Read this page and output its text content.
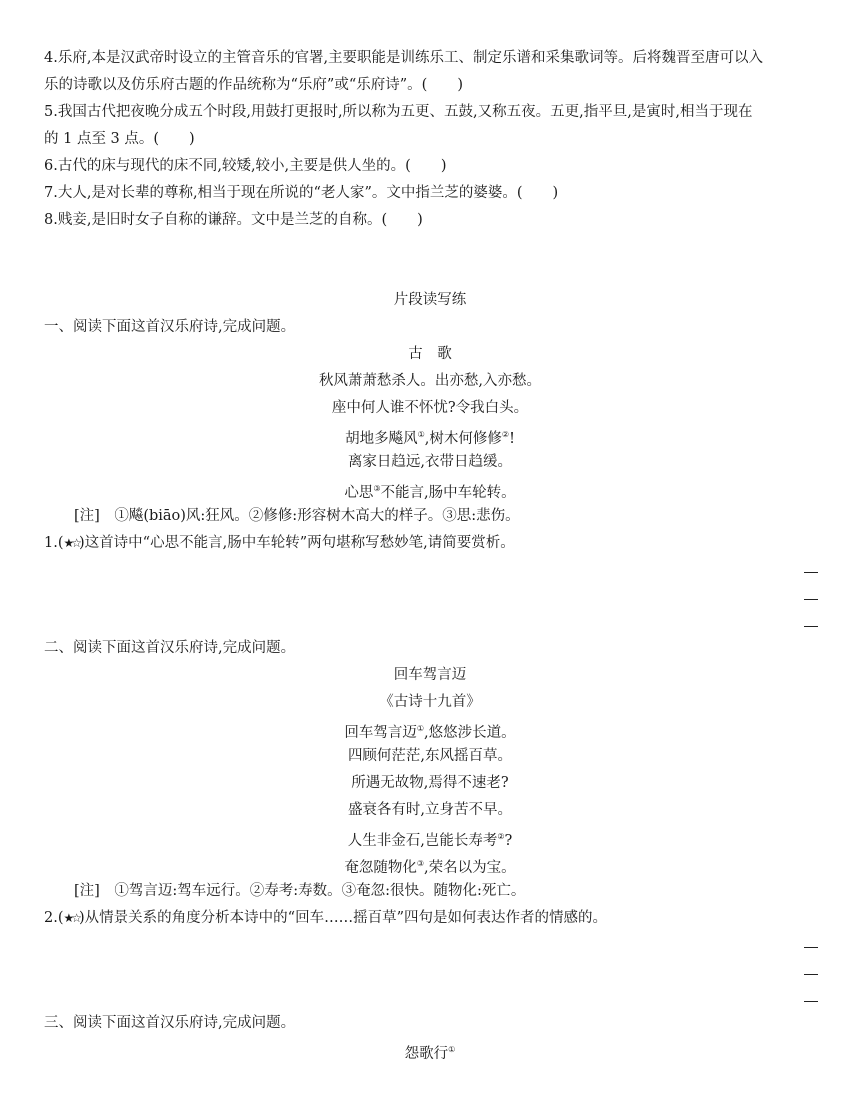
4.乐府,本是汉武帝时设立的主管音乐的官署,主要职能是训练乐工、制定乐谱和采集歌词等。后将魏晋至唐可以入
乐的诗歌以及仿乐府古题的作品统称为“乐府”或“乐府诗”。( )
5.我国古代把夜晚分成五个时段,用鼓打更报时,所以称为五更、五鼓,又称五夜。五更,指平旦,是寅时,相当于现在
的 1 点至 3 点。( )
6.古代的床与现代的床不同,较矮,较小,主要是供人坐的。( )
7.大人,是对长辈的尊称,相当于现在所说的“老人家”。文中指兰芝的婆婆。( )
8.贱妾,是旧时女子自称的谦辞。文中是兰芝的自称。( )
片段读写练
一、阅读下面这首汉乐府诗,完成问题。
古　歌
秋风萧萧愁杀人。出亦愁,入亦愁。
座中何人谁不怀忧?令我白头。
胡地多飚风①,树木何修修②!
离家日趋远,衣带日趋缓。
心思③不能言,肠中车轮转。
[注]　①飚(biāo)风:狂风。②修修:形容树木高大的样子。③思:悲伤。
1.(★☆)这首诗中“心思不能言,肠中车轮转”两句堪称写愁妙笔,请简要赏析。
二、阅读下面这首汉乐府诗,完成问题。
回车驾言迈
《古诗十九首》
回车驾言迈①,悠悠涉长道。
四顾何茫茫,东风摇百草。
所遇无故物,焉得不速老?
盛衰各有时,立身苦不早。
人生非金石,岂能长寿考②?
奄忽随物化③,荣名以为宝。
[注]　①驾言迈:驾车远行。②寿考:寿数。③奄忽:很快。随物化:死亡。
2.(★☆)从情景关系的角度分析本诗中的“回车……摇百草”四句是如何表达作者的情感的。
三、阅读下面这首汉乐府诗,完成问题。
怨歌行①
